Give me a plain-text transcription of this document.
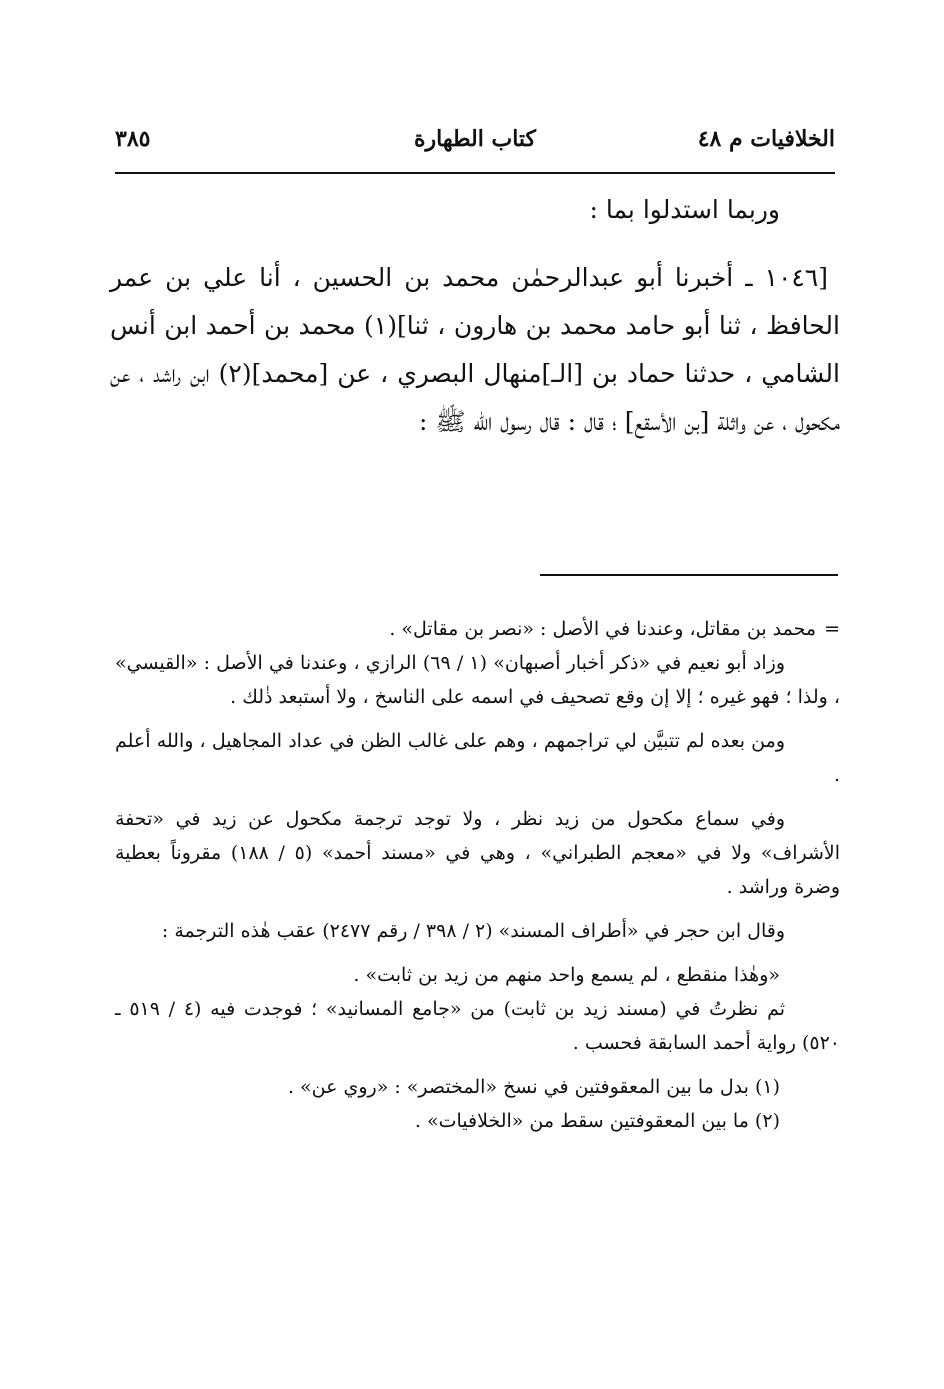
الخلافيات م ٤٨
كتاب الطهارة
٣٨٥
وربما استدلوا بما :
[١٠٤٦ ـ أخبرنا أبو عبدالرحمٰن محمد بن الحسين ، أنا علي بن عمر الحافظ ، ثنا أبو حامد محمد بن هارون ، ثنا](١) محمد بن أحمد ابن أنس الشامي ، حدثنا حماد بن [الـ]منهال البصري ، عن [محمد](٢) ابن راشد ، عن مكحول ، عن واثلة [بن الأسقع] ؛ قال : قال رسول الله ﷺ :

=محمد بن مقاتل، وعندنا في الأصل : «نصر بن مقاتل» .

وزاد أبو نعيم في «ذكر أخبار أصبهان» (١ / ٦٩) الرازي ، وعندنا في الأصل : «القيسي» ، ولذا ؛ فهو غيره ؛ إلا إن وقع تصحيف في اسمه على الناسخ ، ولا أستبعد ذٰلك .

ومن بعده لم تتبيَّن لي تراجمهم ، وهم على غالب الظن في عداد المجاهيل ، والله أعلم .

وفي سماع مكحول من زيد نظر ، ولا توجد ترجمة مكحول عن زيد في «تحفة الأشراف» ولا في «معجم الطبراني» ، وهي في «مسند أحمد» (٥ / ١٨٨) مقروناً بعطية وضرة وراشد .

وقال ابن حجر في «أطراف المسند» (٢ / ٣٩٨ / رقم ٢٤٧٧) عقب هٰذه الترجمة :

«وهٰذا منقطع ، لم يسمع واحد منهم من زيد بن ثابت» .

ثم نظرتُ في (مسند زيد بن ثابت) من «جامع المسانيد» ؛ فوجدت فيه (٤ / ٥١٩ ـ ٥٢٠) رواية أحمد السابقة فحسب .

(١) بدل ما بين المعقوفتين في نسخ «المختصر» : «روي عن» .

(٢) ما بين المعقوفتين سقط من «الخلافيات» .
